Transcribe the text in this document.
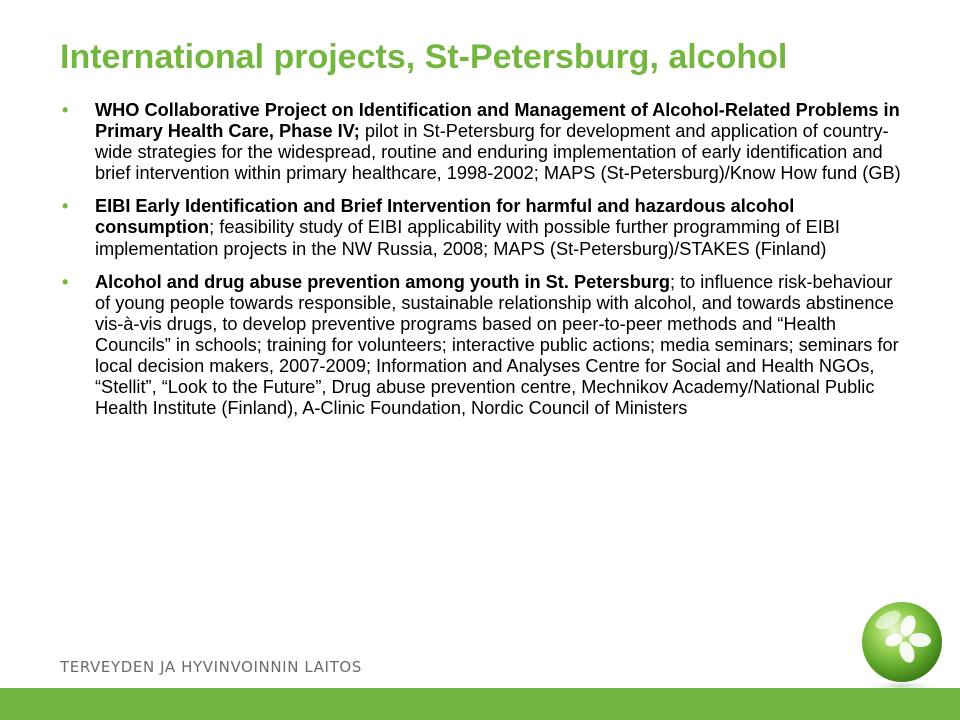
International projects, St-Petersburg, alcohol
• WHO Collaborative Project on Identification and Management of Alcohol-Related Problems in Primary Health Care, Phase IV; pilot in St-Petersburg for development and application of country-wide strategies for the widespread, routine and enduring implementation of early identification and brief intervention within primary healthcare, 1998-2002; MAPS (St-Petersburg)/Know How fund (GB)
• EIBI Early Identification and Brief Intervention for harmful and hazardous alcohol consumption; feasibility study of EIBI applicability with possible further programming of EIBI implementation projects in the NW Russia, 2008; MAPS (St-Petersburg)/STAKES (Finland)
• Alcohol and drug abuse prevention among youth in St. Petersburg; to influence risk-behaviour of young people towards responsible, sustainable relationship with alcohol, and towards abstinence vis-à-vis drugs, to develop preventive programs based on peer-to-peer methods and “Health Councils” in schools; training for volunteers; interactive public actions; media seminars; seminars for local decision makers, 2007-2009; Information and Analyses Centre for Social and Health NGOs, “Stellit”, “Look to the Future”, Drug abuse prevention centre, Mechnikov Academy/National Public Health Institute (Finland), A-Clinic Foundation, Nordic Council of Ministers
TERVEYDEN JA HYVINVOINNIN LAITOS
